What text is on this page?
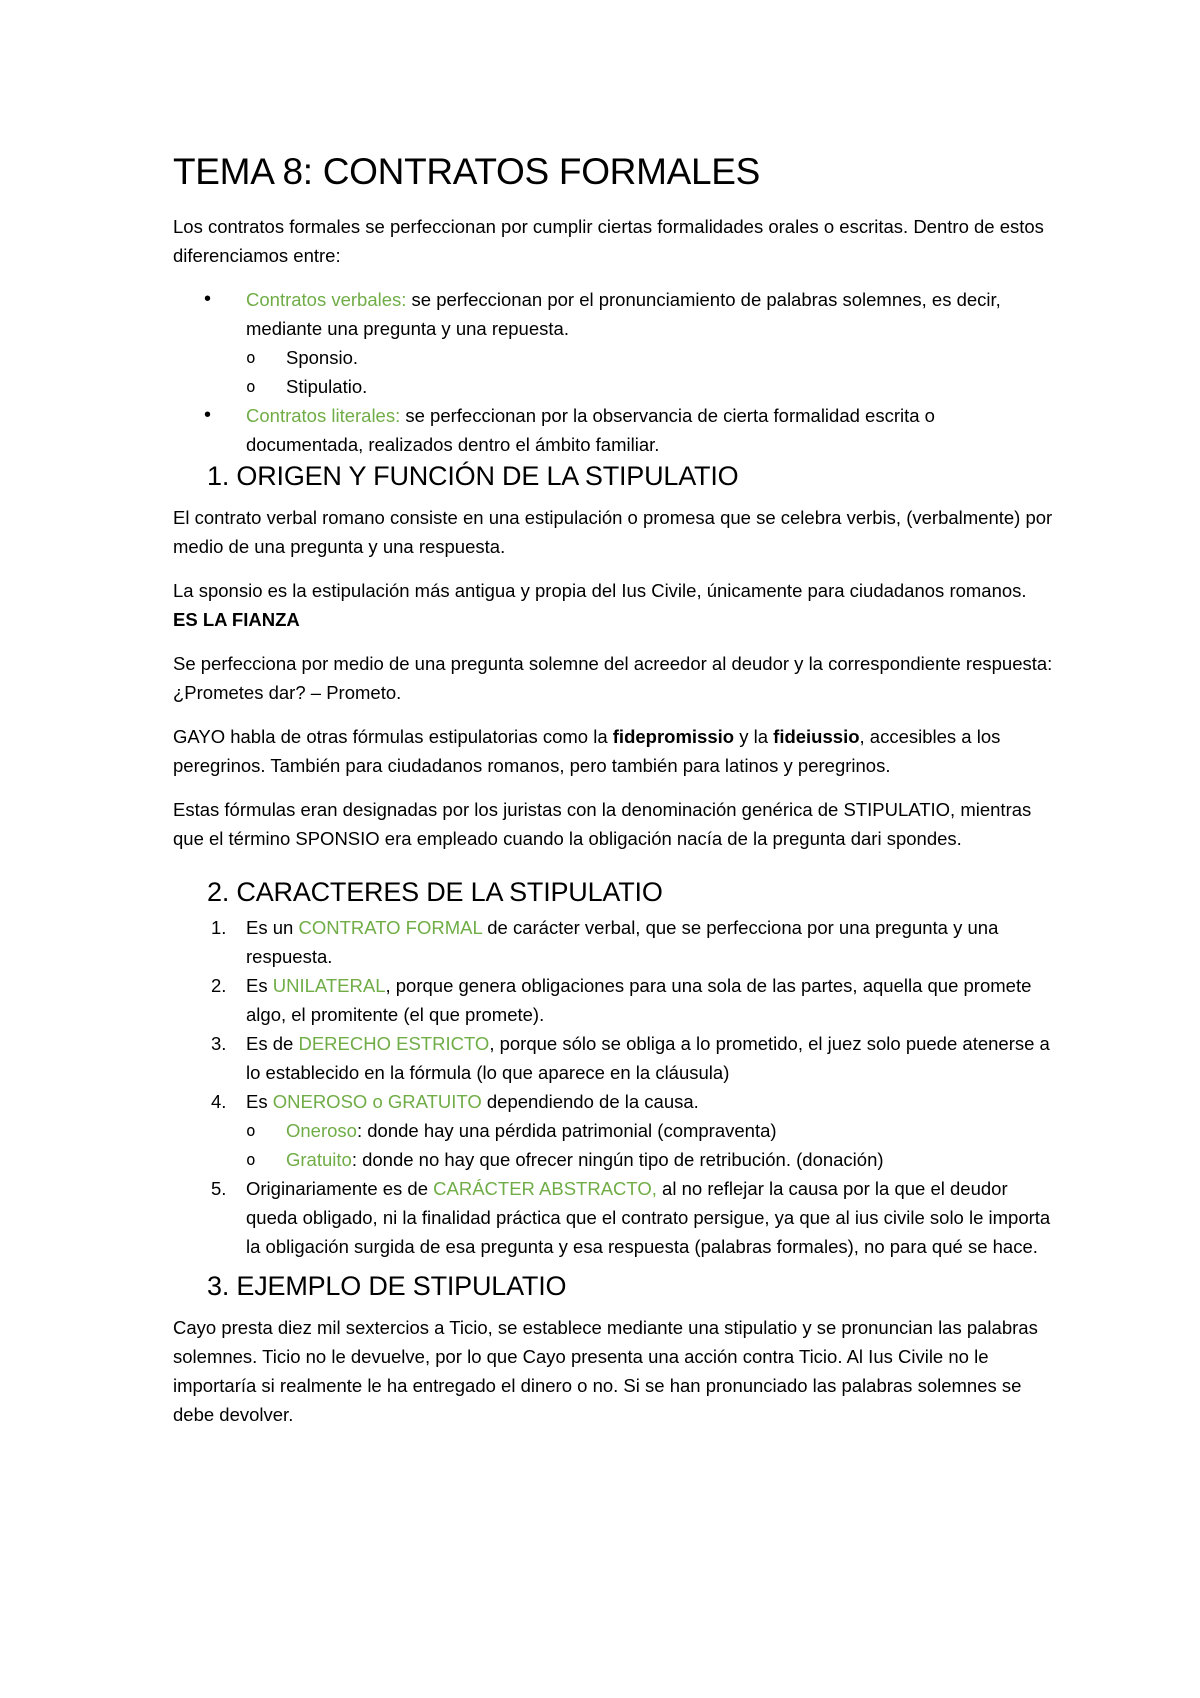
TEMA 8: CONTRATOS FORMALES

Los contratos formales se perfeccionan por cumplir ciertas formalidades orales o escritas. Dentro de estos diferenciamos entre:

• Contratos verbales: se perfeccionan por el pronunciamiento de palabras solemnes, es decir, mediante una pregunta y una repuesta.
o Sponsio.
o Stipulatio.
• Contratos literales: se perfeccionan por la observancia de cierta formalidad escrita o documentada, realizados dentro el ámbito familiar.
1. ORIGEN Y FUNCIÓN DE LA STIPULATIO

El contrato verbal romano consiste en una estipulación o promesa que se celebra verbis, (verbalmente) por medio de una pregunta y una respuesta.

La sponsio es la estipulación más antigua y propia del Ius Civile, únicamente para ciudadanos romanos. ES LA FIANZA

Se perfecciona por medio de una pregunta solemne del acreedor al deudor y la correspondiente respuesta: ¿Prometes dar? – Prometo.

GAYO habla de otras fórmulas estipulatorias como la fidepromissio y la fideiussio, accesibles a los peregrinos. También para ciudadanos romanos, pero también para latinos y peregrinos.

Estas fórmulas eran designadas por los juristas con la denominación genérica de STIPULATIO, mientras que el término SPONSIO era empleado cuando la obligación nacía de la pregunta dari spondes.

2. CARACTERES DE LA STIPULATIO
1. Es un CONTRATO FORMAL de carácter verbal, que se perfecciona por una pregunta y una respuesta.
2. Es UNILATERAL, porque genera obligaciones para una sola de las partes, aquella que promete algo, el promitente (el que promete).
3. Es de DERECHO ESTRICTO, porque sólo se obliga a lo prometido, el juez solo puede atenerse a lo establecido en la fórmula (lo que aparece en la cláusula)
4. Es ONEROSO o GRATUITO dependiendo de la causa.
o Oneroso: donde hay una pérdida patrimonial (compraventa)
o Gratuito: donde no hay que ofrecer ningún tipo de retribución. (donación)
5. Originariamente es de CARÁCTER ABSTRACTO, al no reflejar la causa por la que el deudor queda obligado, ni la finalidad práctica que el contrato persigue, ya que al ius civile solo le importa la obligación surgida de esa pregunta y esa respuesta (palabras formales), no para qué se hace.
3. EJEMPLO DE STIPULATIO

Cayo presta diez mil sextercios a Ticio, se establece mediante una stipulatio y se pronuncian las palabras solemnes. Ticio no le devuelve, por lo que Cayo presenta una acción contra Ticio. Al Ius Civile no le importaría si realmente le ha entregado el dinero o no. Si se han pronunciado las palabras solemnes se debe devolver.
